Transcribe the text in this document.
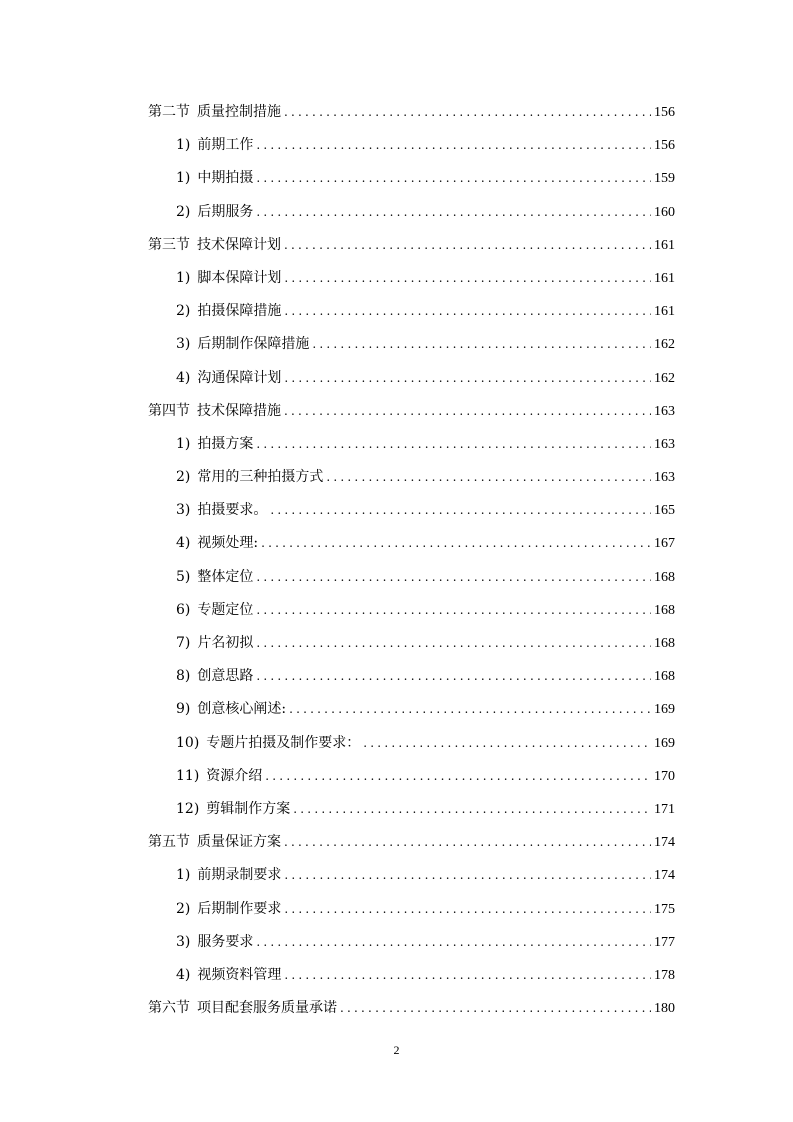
第二节 质量控制措施 .....	156
1) 前期工作 .....	156
1) 中期拍摄 .....	159
2) 后期服务 .....	160
第三节 技术保障计划 .....	161
1) 脚本保障计划 .....	161
2) 拍摄保障措施 .....	161
3) 后期制作保障措施 .....	162
4) 沟通保障计划 .....	162
第四节 技术保障措施 .....	163
1) 拍摄方案 .....	163
2) 常用的三种拍摄方式 .....	163
3) 拍摄要求。 .....	165
4) 视频处理: .....	167
5) 整体定位 .....	168
6) 专题定位 .....	168
7) 片名初拟 .....	168
8) 创意思路 .....	168
9) 创意核心阐述: .....	169
10) 专题片拍摄及制作要求： .....	169
11) 资源介绍 .....	170
12) 剪辑制作方案 .....	171
第五节 质量保证方案 .....	174
1) 前期录制要求 .....	174
2) 后期制作要求 .....	175
3) 服务要求 .....	177
4) 视频资料管理 .....	178
第六节 项目配套服务质量承诺 .....	180
2
